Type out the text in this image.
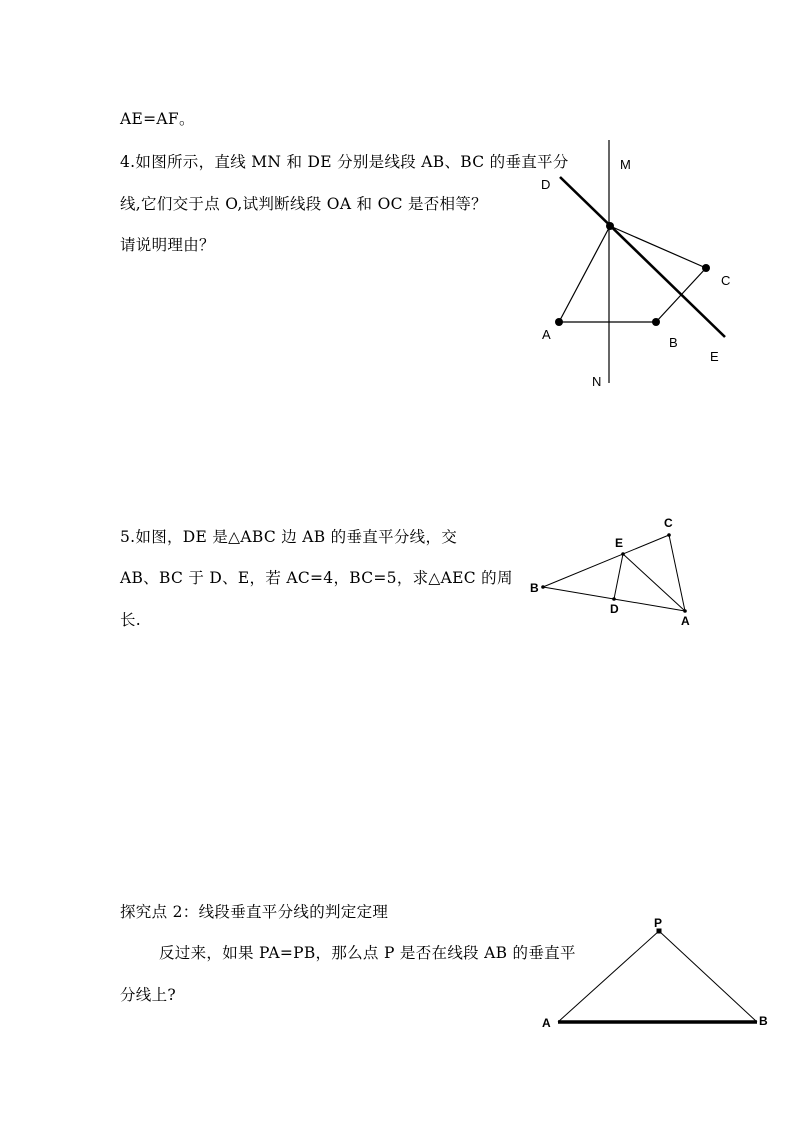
AE=AF。
4.如图所示，直线 MN 和 DE 分别是线段 AB、BC 的垂直平分
线,它们交于点 O,试判断线段 OA 和 OC 是否相等？
请说明理由？
M
D
C
A
B
E
N
5.如图，DE 是△ABC 边 AB 的垂直平分线，交
AB、BC 于 D、E，若 AC=4，BC=5，求△AEC 的周
长.
C
E
B
D
A
探究点 2：线段垂直平分线的判定定理
反过来，如果 PA=PB，那么点 P 是否在线段 AB 的垂直平
分线上?
P
A	B
